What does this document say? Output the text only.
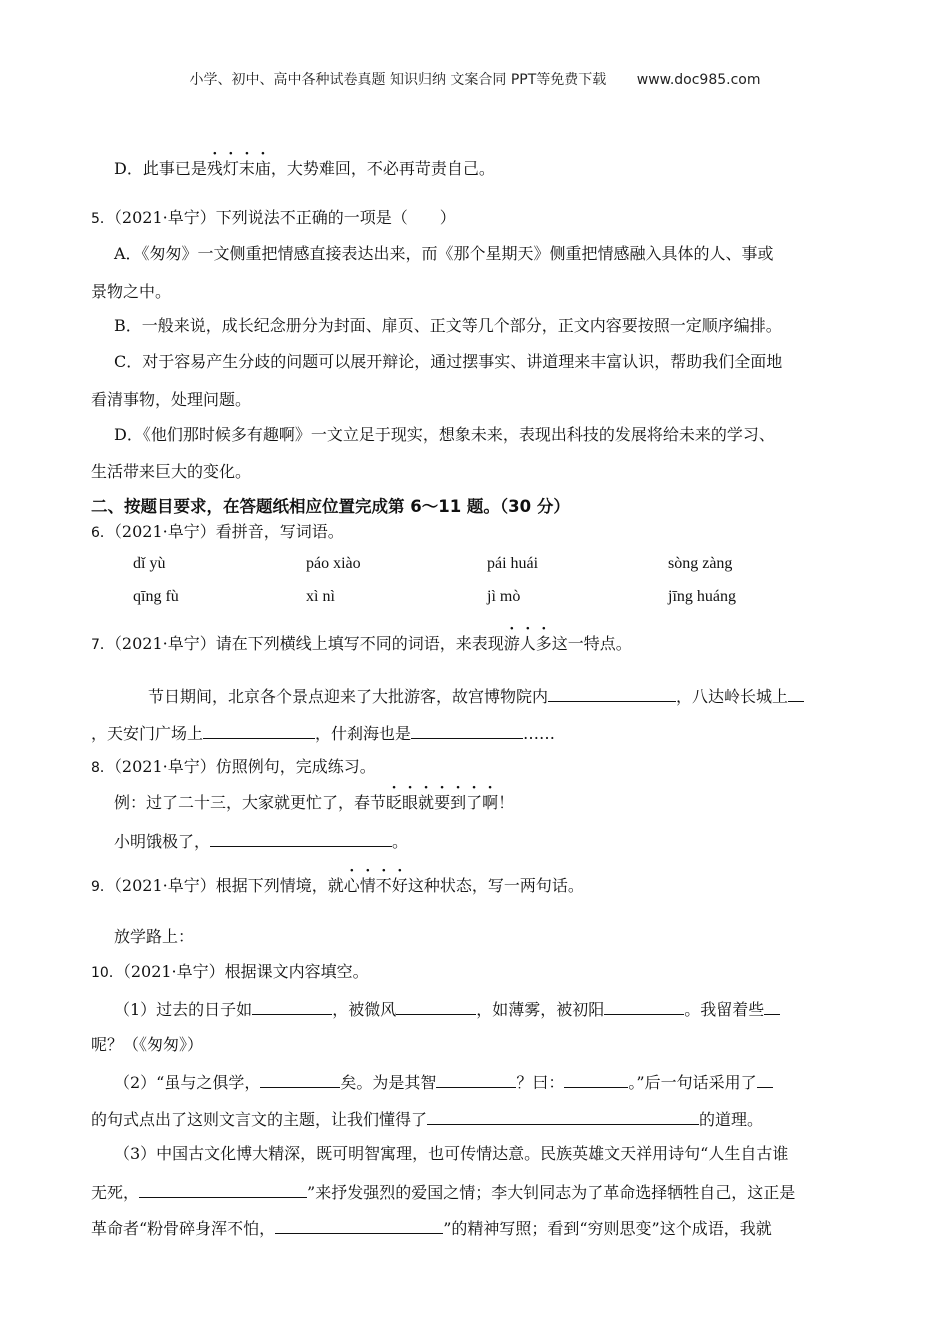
小学、初中、高中各种试卷真题 知识归纳 文案合同 PPT等免费下载 www.doc985.com
D．此事已是残灯末庙，大势难回，不必再苛责自己。
5．（2021·阜宁）下列说法不正确的一项是（　　）
A．《匆匆》一文侧重把情感直接表达出来，而《那个星期天》侧重把情感融入具体的人、事或
景物之中。
B．一般来说，成长纪念册分为封面、扉页、正文等几个部分，正文内容要按照一定顺序编排。
C．对于容易产生分歧的问题可以展开辩论，通过摆事实、讲道理来丰富认识，帮助我们全面地
看清事物，处理问题。
D．《他们那时候多有趣啊》一文立足于现实，想象未来，表现出科技的发展将给未来的学习、
生活带来巨大的变化。
二、按题目要求，在答题纸相应位置完成第 6～11 题。（30 分）
6．（2021·阜宁）看拼音，写词语。
dǐ yù	páo xiào	pái huái	sòng zàng
qīng fù	xì nì	jì mò	jīng huáng
7．（2021·阜宁）请在下列横线上填写不同的词语，来表现游人多这一特点。
节日期间，北京各个景点迎来了大批游客，故宫博物院内	，八达岭长城上
，天安门广场上	，什刹海也是	……
8．（2021·阜宁）仿照例句，完成练习。
例：过了二十三，大家就更忙了，春节眨眼就要到了啊！
小明饿极了，	。
9．（2021·阜宁）根据下列情境，就心情不好这种状态，写一两句话。
放学路上：
10．（2021·阜宁）根据课文内容填空。
（1）过去的日子如	，被微风	，如薄雾，被初阳	。我留着些
呢？（《匆匆》）
（2）“虽与之俱学，	矣。为是其智	？曰：	。”后一句话采用了
的句式点出了这则文言文的主题，让我们懂得了	的道理。
（3）中国古文化博大精深，既可明智寓理，也可传情达意。民族英雄文天祥用诗句“人生自古谁
无死，	”来抒发强烈的爱国之情；李大钊同志为了革命选择牺牲自己，这正是
革命者“粉骨碎身浑不怕，	”的精神写照；看到“穷则思变”这个成语，我就
